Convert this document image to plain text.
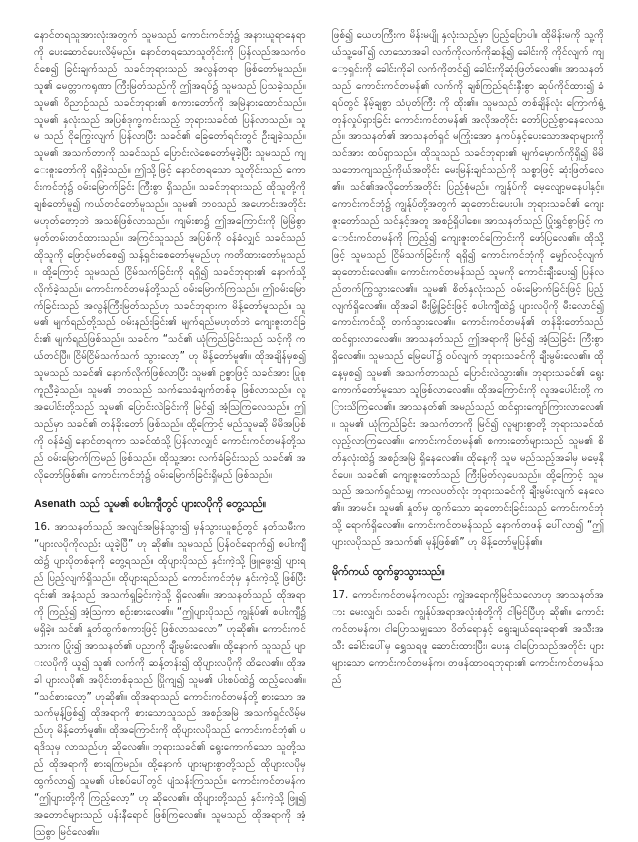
နောင်တရသူအားလုံးအတွက် သူမသည် ကောင်းကင်ဘုံ၌ အနားယူရာနေရာကို ပေးဆောင်ပေးလိမ့်မည်။ နောင်တရသောသူတိုင်းကို ပြန်လည်အသက်ဝင်စေ၍ ခြင်းချက်သည် သခင်ဘုရားသည် အလွန်တရာ ဖြစ်တော်မူသည်။ သူ၏ မေတ္တာကရုဏာ ကြီးမြတ်သည်ကို ဤအရပ်၌ သူမသည် ပြသခဲ့သည်။ သူမ၏ ဝိညာဉ်သည် သခင်ဘုရား၏ စကားတော်ကို အမြဲနားထောင်သည်။ သူမ၏ နှလုံးသည် အပြစ်ဒုက္ခကင်းသည့် ဘုရားသခင်ထံ ပြန်လာသည်။ သူမ သည် ငိုကြွေးလျက် ပြန်လာပြီး သခင်၏ ခြေတော်ရင်းတွင် ဦးချခဲ့သည်။ သူမ၏ အသက်တာကို သခင်သည် ပြောင်းလဲစေတော်မူခဲ့ပြီး သူမသည် ကျေးဇူးတော်ကို ရရှိခဲ့သည်။ ဤသို့ဖြင့် နောင်တရသော သူတိုင်းသည် ကောင်းကင်ဘုံ၌ ဝမ်းမြောက်ခြင်း ကြီးစွာ ရှိသည်။ သခင်ဘုရားသည် ထိုသူတို့ကို ချစ်တော်မူ၍ ကယ်တင်တော်မူသည်။ သူမ၏ ဘဝသည် အဟောင်းအတိုင်း မဟုတ်တော့ဘဲ အသစ်ဖြစ်လာသည်။ ကျမ်းစာ၌ ဤအကြောင်းကို မြဲမြံစွာ မှတ်တမ်းတင်ထားသည်။ အကြင်သူသည် အပြစ်ကို ဝန်ခံလျှင် သခင်သည် ထိုသူကို ဖြောင့်မတ်စေ၍ သန့်ရှင်းစေတော်မူမည်ဟု ကတိထားတော်မူသည်။ ထို့ကြောင့် သူမသည် ငြိမ်သက်ခြင်းကို ရရှိ၍ သခင်ဘုရား၏ နောက်သို့ လိုက်ခဲ့သည်။ ကောင်းကင်တမန်တို့သည် ဝမ်းမြောက်ကြသည်။ ဤဝမ်းမြောက်ခြင်းသည် အလွန်ကြီးမြတ်သည်ဟု သခင်ဘုရားက မိန့်တော်မူသည်။ သူမ၏ မျက်ရည်တို့သည် ဝမ်းနည်းခြင်း၏ မျက်ရည်မဟုတ်ဘဲ ကျေးဇူးတင်ခြင်း၏ မျက်ရည်ဖြစ်သည်။ သခင်က “သင်၏ ယုံကြည်ခြင်းသည် သင့်ကို ကယ်တင်ပြီ။ ငြိမ်ငြိမ်သက်သက် သွားလော့” ဟု မိန့်တော်မူ၏။ ထိုအချိန်မှစ၍ သူမသည် သခင်၏ နောက်လိုက်ဖြစ်လာပြီး သူမ၏ ဥစ္စာဖြင့် သခင်အား ပြုစုကူညီခဲ့သည်။ သူမ၏ ဘဝသည် သက်သေခံချက်တစ်ခု ဖြစ်လာသည်။ လူအပေါင်းတို့သည် သူမ၏ ပြောင်းလဲခြင်းကို မြင်၍ အံ့ဩကြလေသည်။ ဤသည်မှာ သခင်၏ တန်ခိုးတော် ဖြစ်သည်။ ထို့ကြောင့် မည်သူမဆို မိမိအပြစ်ကို ဝန်ခံ၍ နောင်တရကာ သခင်ထံသို့ ပြန်လာလျှင် ကောင်းကင်တမန်တို့သည် ဝမ်းမြောက်ကြမည် ဖြစ်သည်။ ထိုသူ့အား လက်ခံခြင်းသည် သခင်၏ အလိုတော်ဖြစ်၏။ ကောင်းကင်ဘုံ၌ ဝမ်းမြောက်ခြင်းရှိမည် ဖြစ်သည်။

Asenath သည် သူမ၏ စပါးကျီတွင် ပျားလပိုကို တွေ့သည်။

16. အာသနတ်သည် အလျင်အမြန်သွား၍ မှန်သွားယူစဉ်တွင် နတ်သမီးက “ပျားလပိုကိုလည်း ယူခဲ့ပြီ” ဟု ဆို၏။ သူမသည် ပြန်ဝင်ရောက်၍ စပါးကျီထဲ၌ ပျားပိုတစ်ခုကို တွေ့ရသည်။ ထိုပျားပိုသည် နှင်းကဲ့သို့ ဖြူဖွေး၍ ပျားရည် ပြည့်လျက်ရှိသည်။ ထိုပျားရည်သည် ကောင်းကင်ဘုံမှ နှင်းကဲ့သို့ ဖြစ်ပြီး ၎င်း၏ အနံ့သည် အသက်ရှုခြင်းကဲ့သို့ ရှိလေ၏။ အာသနတ်သည် ထိုအရာကို ကြည့်၍ အံ့ဩကာ စဉ်းစားလေ၏။ “ဤပျားပိုသည် ကျွန်ုပ်၏ စပါးကျီ၌ မရှိခဲ့။ သင်၏ နှုတ်ထွက်စကားဖြင့် ဖြစ်လာသလော” ဟုဆို၏။ ကောင်းကင်သားက ပြုံး၍ အာသနတ်၏ ပညာကို ချီးမွမ်းလေ၏။ ထို့နောက် သူသည် ပျားလပိုကို ယူ၍ သူ၏ လက်ကို ဆန့်တန်း၍ ထိုပျားလပိုကို ထိလေ၏။ ထိုအခါ ပျားလပို၏ အပိုင်းတစ်ခုသည် ပြိုကျ၍ သူမ၏ ပါးစပ်ထဲ၌ ထည့်လေ၏။ “သင်စားလော့” ဟုဆို၏။ ထိုအရာသည် ကောင်းကင်တမန်တို့ စားသော အသက်မုန့်ဖြစ်၍ ထိုအရာကို စားသောသူသည် အစဉ်အမြဲ အသက်ရှင်လိမ့်မည်ဟု မိန့်တော်မူ၏။ ထိုအကြောင်းကို ထိုပျားလပိုသည် ကောင်းကင်ဘုံ၏ ပရဒိသုမှ လာသည်ဟု ဆိုလေ၏။ ဘုရားသခင်၏ ရွေးကောက်သော သူတို့သည် ထိုအရာကို စားရကြမည်။ ထို့နောက် ပျားများစွာတို့သည် ထိုပျားလပိုမှ ထွက်လာ၍ သူမ၏ ပါးစပ်ပေါ်တွင် ပျံသန်းကြသည်။ ကောင်းကင်တမန်က “ဤပျားတို့ကို ကြည့်လော့” ဟု ဆိုလေ၏။ ထိုပျားတို့သည် နှင်းကဲ့သို့ ဖြူ၍ အတောင်များသည် ပန်းနီရောင် ဖြစ်ကြလေ၏။ သူမသည် ထိုအရာကို အံ့ဩစွာ မြင်လေ၏။

ဖြစ်၍ ယေဟကြီးက မိန်းမပျို နှလုံးသည့်မှာ ပြည့်ပြောပါ။ ထိုမိန်းမကို သူ့ကိုယ်သူ့ဖေါ်၍ လာသောအခါ လက်ကိုလက်ကိုဆန့်၍ ခေါင်းကို ကိုင်လျက် ကျော့ရှင်းကို ခေါင်းကိုခါ လက်ကိုတင်၍ ခေါင်းကိုဆုံးဖြတ်လေ၏။ အာသနတ်သည် ကောင်းကင်တမန်၏ လက်ကို ချစ်ကြည်ရင်းနှီးစွာ ဆုပ်ကိုင်ထား၍ ခံရပ်တွင် နိမ့်ချစွာ သံပုတ်ကြီး ကို ထိုး၏။ သူမသည် တစ်ချိန်လုံး ကြောက်ရွံ့တုန်လှုပ်ရှားခြင်း ကောင်းကင်တမန်၏ အလိုအတိုင်း တော်ပြည့်စွာနေလေသည်။ အာသနတ်၏ အာသနတ်ရှင် မကြုံးအော နှကပ်နှင့်ပေးသောအရာများကို သင်အား ထပ်ရှာသည်။ ထိုသူသည် သခင်ဘုရား၏ မျက်မှောက်ကိုရှိ၍ မိမိသဘောကျသည့်ကိုယ်အတိုင်း မေးမြန်းချင်သည်ကို သစ္စာဖြင့် ဆုံးဖြတ်လေ၏။ သင်၏အလိုတော်အတိုင်း ပြည့်စုံမည်။ ကျွန်ုပ်ကို မေ့လျော့မနေပါနှင့်။ ကောင်းကင်ဘုံ၌ ကျွန်ုပ်တို့အတွက် ဆုတောင်းပေးပါ။ ဘုရားသခင်၏ ကျေးဇူးတော်သည် သင်နှင့်အတူ အစဉ်ရှိပါစေ။ အာသနတ်သည် ပြုံးရွှင်စွာဖြင့် ကောင်းကင်တမန်ကို ကြည့်၍ ကျေးဇူးတင်ကြောင်းကို ဖော်ပြလေ၏။ ထိုသို့ဖြင့် သူမသည် ငြိမ်သက်ခြင်းကို ရရှိ၍ ကောင်းကင်ဘုံကို မျှော်လင့်လျက် ဆုတောင်းလေ၏။ ကောင်းကင်တမန်သည် သူမကို ကောင်းချီးပေး၍ ပြန်လည်တက်ကြွသွားလေ၏။ သူမ၏ စိတ်နှလုံးသည် ဝမ်းမြောက်ခြင်းဖြင့် ပြည့်လျက်ရှိလေ၏။ ထိုအခါ မီးမြှုံခြင်းဖြင့် စပါးကျီထဲ၌ ပျားလပိုကို မီးလောင်၍ ကောင်းကင်သို့ တက်သွားလေ၏။ ကောင်းကင်တမန်၏ တန်ခိုးတော်သည် ထင်ရှားလာလေ၏။ အာသနတ်သည် ဤအရာကို မြင်၍ အံ့ဩခြင်း ကြီးစွာ ရှိလေ၏။ သူမသည် မြေပေါ်၌ ဝပ်လျက် ဘုရားသခင်ကို ချီးမွမ်းလေ၏။ ထိုနေ့မှစ၍ သူမ၏ အသက်တာသည် ပြောင်းလဲသွား၏။ ဘုရားသခင်၏ ရွေးကောက်တော်မူသော သူဖြစ်လာလေ၏။ ထိုအကြောင်းကို လူအပေါင်းတို့ ကြားသိကြလေ၏။ အာသနတ်၏ အမည်သည် ထင်ရှားကျော်ကြားလာလေ၏။ သူမ၏ ယုံကြည်ခြင်း အသက်တာကို မြင်၍ လူများစွာတို့ ဘုရားသခင်ထံ လှည့်လာကြလေ၏။ ကောင်းကင်တမန်၏ စကားတော်များသည် သူမ၏ စိတ်နှလုံးထဲ၌ အစဉ်အမြဲ ရှိနေလေ၏။ ထိုနေ့ကို သူမ မည်သည့်အခါမှ မမေ့နိုင်ပေ။ သခင်၏ ကျေးဇူးတော်သည် ကြီးမြတ်လှပေသည်။ ထို့ကြောင့် သူမသည် အသက်ရှင်သမျှ ကာလပတ်လုံး ဘုရားသခင်ကို ချီးမွမ်းလျက် နေလေ၏။ အာမင်။ သူမ၏ နှုတ်မှ ထွက်သော ဆုတောင်းခြင်းသည် ကောင်းကင်ဘုံသို့ ရောက်ရှိလေ၏။ ကောင်းကင်တမန်သည် နောက်တဖန် ပေါ်လာ၍ “ဤပျားလပိုသည် အသက်၏ မုန့်ဖြစ်၏” ဟု မိန့်တော်မူပြန်၏။

မိုက်ကယ် ထွက်ခွာသွားသည်။

17. ကောင်းကင်တမန်ကလည်း ကျွဲအရောကိုမြင်သလောဟု အာသနတ်အား မေးလျှင်၊ သခင်၊ ကျွန်ုပ်အရာအလုံးစုံတို့ကို ငါမြင်ပြီဟု ဆို၏။ ကောင်းကင်တမန်က၊ ငါပြောသမျှသော ဝိတ်ရောနှင့် ရွေးချယ်ရေးခရာ၏ အသီးအသီး ခေါင်းပေါ်မှ ရွှေသရဖူ ဆောင်းထားပြီး၊ ပေးနှ ငါပြောသည်အတိုင်း ပျားများသော ကောင်းကင်တမန်က၊ တဖန်ထာဝရဘုရား၏ ကောင်းကင်တမန်သည်
